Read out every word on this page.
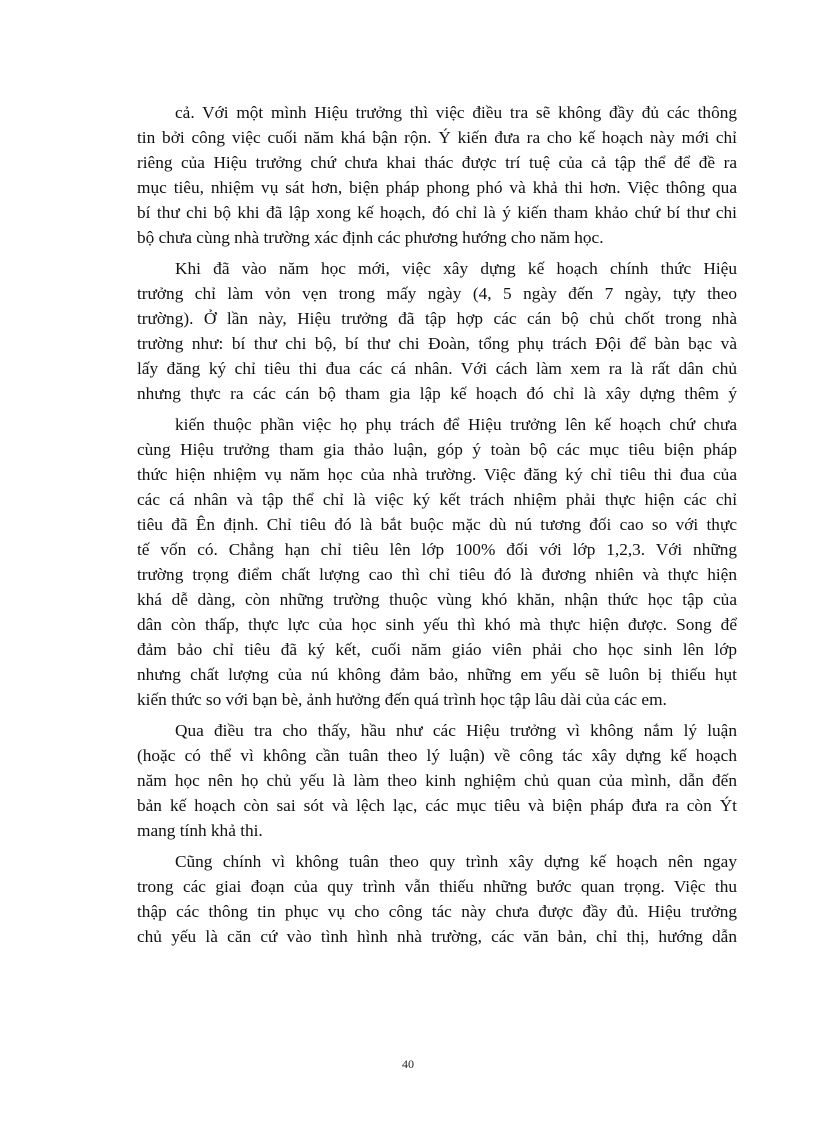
cả. Với một mình Hiệu trưởng thì việc điều tra sẽ không đầy đủ các thông
tin bởi công việc cuối năm khá bận rộn. Ý kiến đưa ra cho kế hoạch này mới chỉ
riêng của Hiệu trưởng chứ chưa khai thác được trí tuệ của cả tập thể để đề ra
mục tiêu, nhiệm vụ sát hơn, biện pháp phong phó và khả thi hơn. Việc thông qua
bí thư chi bộ khi đã lập xong kế hoạch, đó chỉ là ý kiến tham khảo chứ bí thư chi
bộ chưa cùng nhà trường xác định các phương hướng cho năm học.
Khi đã vào năm học mới, việc xây dựng kế hoạch chính thức Hiệu
trưởng chỉ làm vỏn vẹn trong mấy ngày (4, 5 ngày đến 7 ngày, tựy theo
trường). Ở lần này, Hiệu trưởng đã tập hợp các cán bộ chủ chốt trong nhà
trường như: bí thư chi bộ, bí thư chi Đoàn, tổng phụ trách Đội để bàn bạc và
lấy đăng ký chỉ tiêu thi đua các cá nhân. Với cách làm xem ra là rất dân chủ
nhưng thực ra các cán bộ tham gia lập kế hoạch đó chỉ là xây dựng thêm ý
kiến thuộc phần việc họ phụ trách để Hiệu trưởng lên kế hoạch chứ chưa
cùng Hiệu trưởng tham gia thảo luận, góp ý toàn bộ các mục tiêu biện pháp
thức hiện nhiệm vụ năm học của nhà trường. Việc đăng ký chỉ tiêu thi đua của
các cá nhân và tập thể chỉ là việc ký kết trách nhiệm phải thực hiện các chỉ
tiêu đã Ên định. Chỉ tiêu đó là bắt buộc mặc dù nú tương đối cao so với thực
tế vốn có. Chẳng hạn chỉ tiêu lên lớp 100% đối với lớp 1,2,3. Với những
trường trọng điểm chất lượng cao thì chỉ tiêu đó là đương nhiên và thực hiện
khá dễ dàng, còn những trường thuộc vùng khó khăn, nhận thức học tập của
dân còn thấp, thực lực của học sinh yếu thì khó mà thực hiện được. Song để
đảm bảo chỉ tiêu đã ký kết, cuối năm giáo viên phải cho học sinh lên lớp
nhưng chất lượng của nú không đảm bảo, những em yếu sẽ luôn bị thiếu hụt
kiến thức so với bạn bè, ảnh hưởng đến quá trình học tập lâu dài của các em.
Qua điều tra cho thấy, hầu như các Hiệu trưởng vì không nắm lý luận
(hoặc có thể vì không cần tuân theo lý luận) về công tác xây dựng kế hoạch
năm học nên họ chủ yếu là làm theo kinh nghiệm chủ quan của mình, dẫn đến
bản kế hoạch còn sai sót và lệch lạc, các mục tiêu và biện pháp đưa ra còn Ýt
mang tính khả thi.
Cũng chính vì không tuân theo quy trình xây dựng kế hoạch nên ngay
trong các giai đoạn của quy trình vẫn thiếu những bước quan trọng. Việc thu
thập các thông tin phục vụ cho công tác này chưa được đầy đủ. Hiệu trưởng
chủ yếu là căn cứ vào tình hình nhà trường, các văn bản, chỉ thị, hướng dẫn
40
